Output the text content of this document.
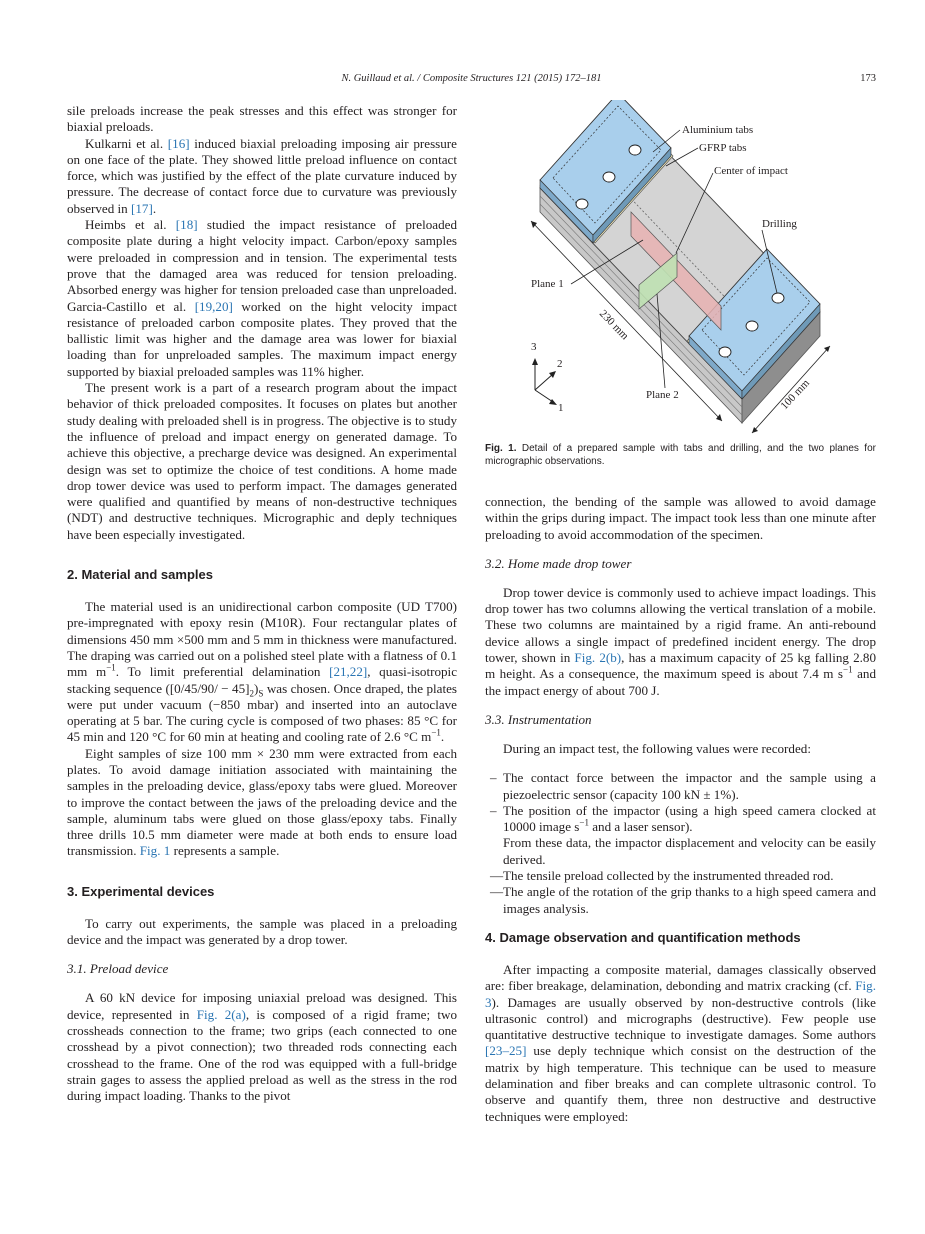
N. Guillaud et al. / Composite Structures 121 (2015) 172–181	173

sile preloads increase the peak stresses and this effect was stronger for biaxial preloads.

Kulkarni et al. [16] induced biaxial preloading imposing air pressure on one face of the plate. They showed little preload influence on contact force, which was justified by the effect of the plate curvature induced by pressure. The decrease of contact force due to curvature was previously observed in [17].

Heimbs et al. [18] studied the impact resistance of preloaded composite plate during a hight velocity impact. Carbon/epoxy samples were preloaded in compression and in tension. The experimental tests prove that the damaged area was reduced for tension preloading. Absorbed energy was higher for tension preloaded case than unpreloaded. Garcia-Castillo et al. [19,20] worked on the hight velocity impact resistance of preloaded carbon composite plates. They proved that the ballistic limit was higher and the damage area was lower for biaxial loading than for unpreloaded samples. The maximum impact energy supported by biaxial preloaded samples was 11% higher.

The present work is a part of a research program about the impact behavior of thick preloaded composites. It focuses on plates but another study dealing with preloaded shell is in progress. The objective is to study the influence of preload and impact energy on generated damage. To achieve this objective, a precharge device was designed. An experimental design was set to optimize the choice of test conditions. A home made drop tower device was used to perform impact. The damages generated were qualified and quantified by means of non-destructive techniques (NDT) and destructive techniques. Micrographic and deply techniques have been especially investigated.

2. Material and samples

The material used is an unidirectional carbon composite (UD T700) pre-impregnated with epoxy resin (M10R). Four rectangular plates of dimensions 450 mm ×500 mm and 5 mm in thickness were manufactured. The draping was carried out on a polished steel plate with a flatness of 0.1 mm $m^{-1}$. To limit preferential delamination [21,22], quasi-isotropic stacking sequence $([0/45/90/ - 45]_2)_S$ was chosen. Once draped, the plates were put under vacuum (−850 mbar) and inserted into an autoclave operating at 5 bar. The curing cycle is composed of two phases: 85 °C for 45 min and 120 °C for 60 min at heating and cooling rate of 2.6 °C $m^{-1}$.

Eight samples of size 100 mm × 230 mm were extracted from each plates. To avoid damage initiation associated with maintaining the samples in the preloading device, glass/epoxy tabs were glued. Moreover to improve the contact between the jaws of the preloading device and the sample, aluminum tabs were glued on those glass/epoxy tabs. Finally three drills 10.5 mm diameter were made at both ends to ensure load transmission. Fig. 1 represents a sample.

3. Experimental devices

To carry out experiments, the sample was placed in a preloading device and the impact was generated by a drop tower.

3.1. Preload device

A 60 kN device for imposing uniaxial preload was designed. This device, represented in Fig. 2(a), is composed of a rigid frame; two crossheads connection to the frame; two grips (each connected to one crosshead by a pivot connection); two threaded rods connecting each crosshead to the frame. One of the rod was equipped with a full-bridge strain gages to assess the applied preload as well as the stress in the rod during impact loading. Thanks to the pivot

Aluminium tabs
GFRP tabs
Center of impact
Drilling
Plane 1
Plane 2
230 mm
100 mm
3
2
1
Fig. 1. Detail of a prepared sample with tabs and drilling, and the two planes for micrographic observations.

connection, the bending of the sample was allowed to avoid damage within the grips during impact. The impact took less than one minute after preloading to avoid accommodation of the specimen.

3.2. Home made drop tower

Drop tower device is commonly used to achieve impact loadings. This drop tower has two columns allowing the vertical translation of a mobile. These two columns are maintained by a rigid frame. An anti-rebound device allows a single impact of predefined incident energy. The drop tower, shown in Fig. 2(b), has a maximum capacity of 25 kg falling 2.80 m height. As a consequence, the maximum speed is about 7.4 m $s^{-1}$ and the impact energy of about 700 J.

3.3. Instrumentation

During an impact test, the following values were recorded:

– The contact force between the impactor and the sample using a piezoelectric sensor (capacity 100 kN ± 1%).
– The position of the impactor (using a high speed camera clocked at 10000 image $s^{-1}$ and a laser sensor).
From these data, the impactor displacement and velocity can be easily derived.
— The tensile preload collected by the instrumented threaded rod.
— The angle of the rotation of the grip thanks to a high speed camera and images analysis.
4. Damage observation and quantification methods

After impacting a composite material, damages classically observed are: fiber breakage, delamination, debonding and matrix cracking (cf. Fig. 3). Damages are usually observed by non-destructive controls (like ultrasonic control) and micrographs (destructive). Few people use quantitative destructive technique to investigate damages. Some authors [23–25] use deply technique which consist on the destruction of the matrix by high temperature. This technique can be used to measure delamination and fiber breaks and can complete ultrasonic control. To observe and quantify them, three non destructive and destructive techniques were employed:
